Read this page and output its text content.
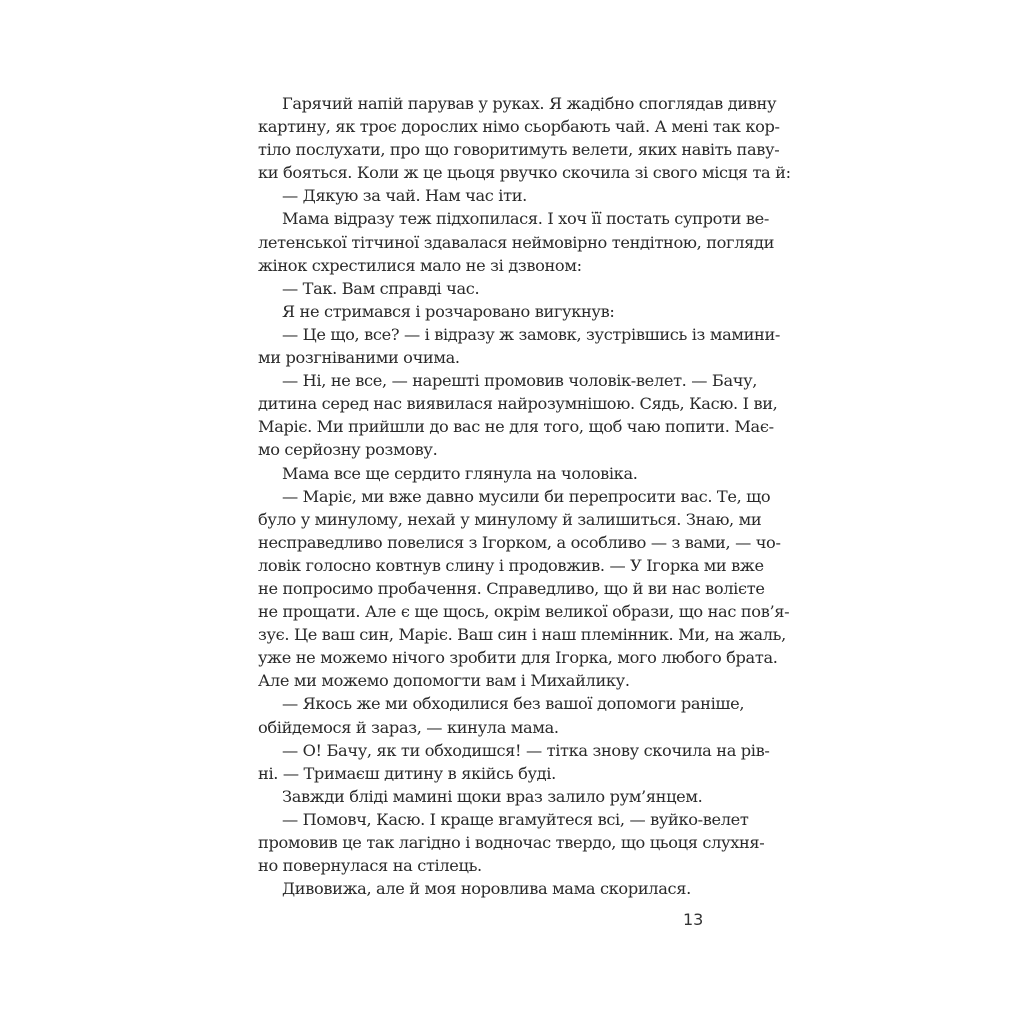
Гарячий напій парував у руках. Я жадібно споглядав дивну
картину, як троє дорослих німо сьорбають чай. А мені так кор-
тіло послухати, про що говоритимуть велети, яких навіть паву-
ки бояться. Коли ж це цьоця рвучко скочила зі свого місця та й:
— Дякую за чай. Нам час іти.
Мама відразу теж підхопилася. І хоч її постать супроти ве-
летенської тітчиної здавалася неймовірно тендітною, погляди
жінок схрестилися мало не зі дзвоном:
— Так. Вам справді час.
Я не стримався і розчаровано вигукнув:
— Це що, все? — і відразу ж замовк, зустрівшись із мамини-
ми розгніваними очима.
— Ні, не все, — нарешті промовив чоловік-велет. — Бачу,
дитина серед нас виявилася найрозумнішою. Сядь, Касю. І ви,
Маріє. Ми прийшли до вас не для того, щоб чаю попити. Має-
мо серйозну розмову.
Мама все ще сердито глянула на чоловіка.
— Маріє, ми вже давно мусили би перепросити вас. Те, що
було у минулому, нехай у минулому й залишиться. Знаю, ми
несправедливо повелися з Ігорком, а особливо — з вами, — чо-
ловік голосно ковтнув слину і продовжив. — У Ігорка ми вже
не попросимо пробачення. Справедливо, що й ви нас волієте
не прощати. Але є ще щось, окрім великої образи, що нас пов’я-
зує. Це ваш син, Маріє. Ваш син і наш племінник. Ми, на жаль,
уже не можемо нічого зробити для Ігорка, мого любого брата.
Але ми можемо допомогти вам і Михайлику.
— Якось же ми обходилися без вашої допомоги раніше,
обійдемося й зараз, — кинула мама.
— О! Бачу, як ти обходишся! — тітка знову скочила на рів-
ні. — Тримаєш дитину в якійсь буді.
Завжди бліді мамині щоки враз залило рум’янцем.
— Помовч, Касю. І краще вгамуйтеся всі, — вуйко-велет
промовив це так лагідно і водночас твердо, що цьоця слухня-
но повернулася на стілець.
Дивовижа, але й моя норовлива мама скорилася.
13
